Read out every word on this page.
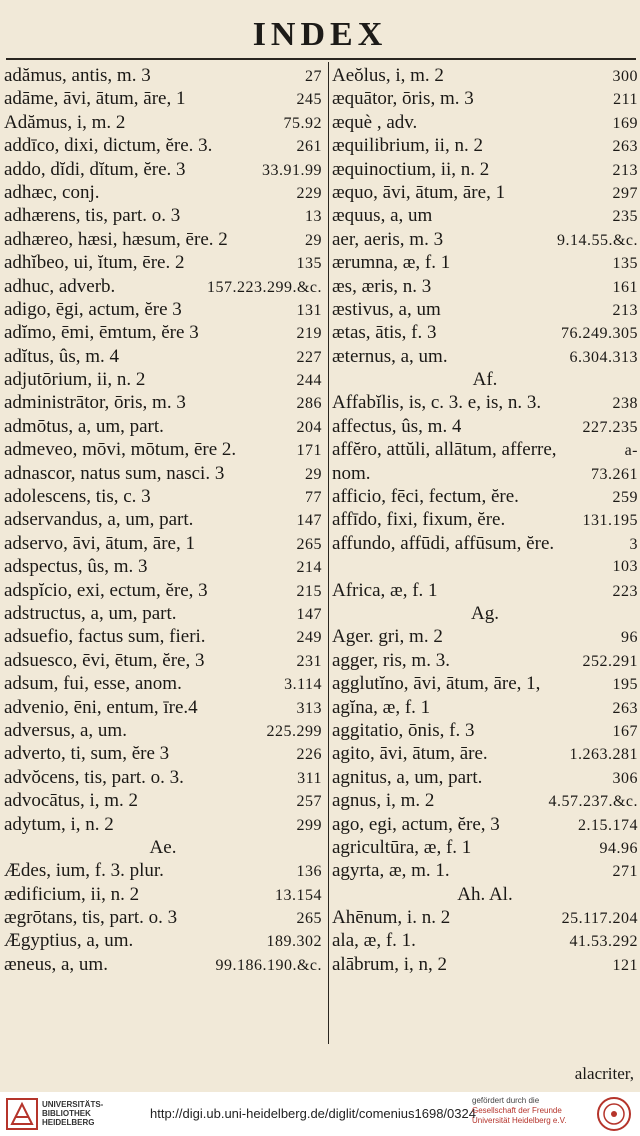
INDEX
adămus, antis, m. 3	27
adāme, āvi, ātum, āre, 1	245
Adămus, i, m. 2	75.92
addīco, dixi, dictum, ĕre. 3.	261
addo, dĭdi, dĭtum, ĕre. 3	33.91.99
adhæc, conj.	229
adhærens, tis, part. o. 3	13
adhæreo, hæsi, hæsum, ēre. 2	29
adhĭbeo, ui, ĭtum, ēre. 2	135
adhuc, adverb.	157.223.299.&c.
adigo, ēgi, actum, ĕre 3	131
adĭmo, ēmi, ēmtum, ĕre 3	219
adĭtus, ûs, m. 4	227
adjutōrium, ii, n. 2	244
administrātor, ōris, m. 3	286
admōtus, a, um, part.	204
admeveo, mōvi, mōtum, ēre 2.	171
adnascor, natus sum, nasci. 3	29
adolescens, tis, c. 3	77
adservandus, a, um, part.	147
adservo, āvi, ātum, āre, 1	265
adspectus, ûs, m. 3	214
adspĭcio, exi, ectum, ĕre, 3	215
adstructus, a, um, part.	147
adsuefio, factus sum, fieri.	249
adsuesco, ēvi, ētum, ĕre, 3	231
adsum, fui, esse, anom.	3.114
advenio, ēni, entum, īre.4	313
adversus, a, um.	225.299
adverto, ti, sum, ĕre 3	226
advŏcens, tis, part. o. 3.	311
advocātus, i, m. 2	257
adytum, i, n. 2	299
Ae.
Ædes, ium, f. 3. plur.	136
ædificium, ii, n. 2	13.154
ægrōtans, tis, part. o. 3	265
Ægyptius, a, um.	189.302
æneus, a, um.	99.186.190.&c.
Aeŏlus, i, m. 2	300
æquātor, ōris, m. 3	211
æquè , adv.	169
æquilibrium, ii, n. 2	263
æquinoctium, ii, n. 2	213
æquo, āvi, ātum, āre, 1	297
æquus, a, um	235
aer, aeris, m. 3	9.14.55.&c.
ærumna, æ, f. 1	135
æs, æris, n. 3	161
æstivus, a, um	213
ætas, ātis, f. 3	76.249.305
æternus, a, um.	6.304.313
Af.
Affabĭlis, is, c. 3. e, is, n. 3.	238
affectus, ûs, m. 4	227.235
affĕro, attŭli, allātum, afferre,	a-
nom.	73.261
afficio, fēci, fectum, ĕre.	259
affīdo, fixi, fixum, ĕre.	131.195
affundo, affūdi, affūsum, ĕre.	3
103
Africa, æ, f. 1	223
Ag.
Ager. gri, m. 2	96
agger, ris, m. 3.	252.291
agglutĭno, āvi, ātum, āre, 1,	195
agĭna, æ, f. 1	263
aggitatio, ōnis, f. 3	167
agito, āvi, ātum, āre.	1.263.281
agnitus, a, um, part.	306
agnus, i, m. 2	4.57.237.&c.
ago, egi, actum, ĕre, 3	2.15.174
agricultūra, æ, f. 1	94.96
agyrta, æ, m. 1.	271
Ah. Al.
Ahēnum, i. n. 2	25.117.204
ala, æ, f. 1.	41.53.292
alābrum, i, n, 2	121
alacriter,
UNIVERSITÄTS-
BIBLIOTHEK
HEIDELBERG
http://digi.ub.uni-heidelberg.de/diglit/comenius1698/0324
gefördert durch die
Gesellschaft der Freunde
Universität Heidelberg e.V.
